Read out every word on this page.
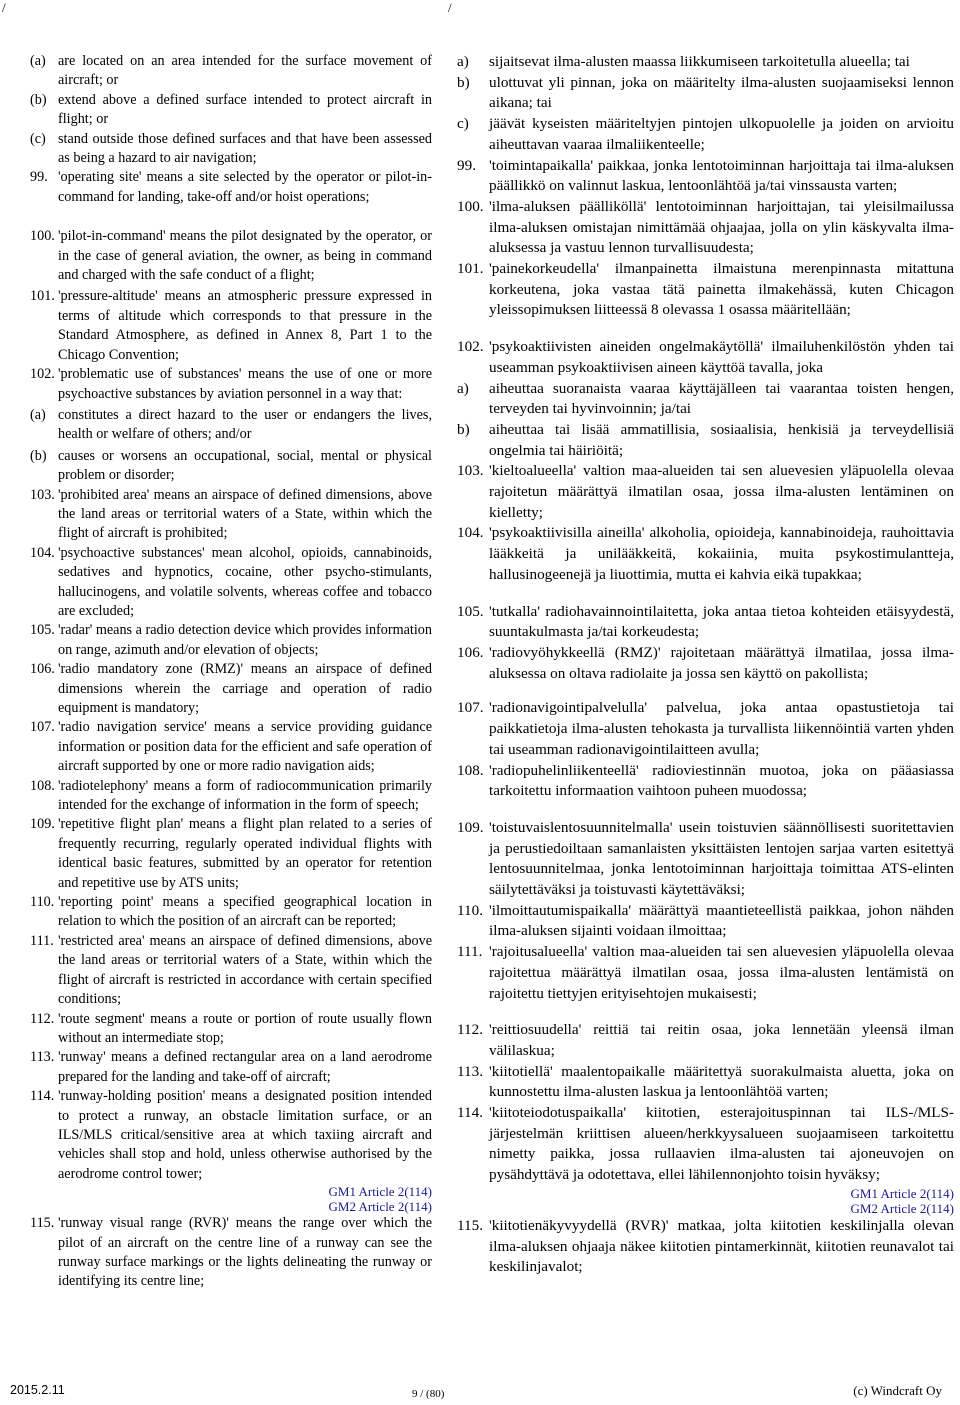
/	/
(a) are located on an area intended for the surface movement of aircraft; or
(b) extend above a defined surface intended to protect aircraft in flight; or
(c) stand outside those defined surfaces and that have been assessed as being a hazard to air navigation;
99. 'operating site' means a site selected by the operator or pilot-in-command for landing, take-off and/or hoist operations;
100. 'pilot-in-command' means the pilot designated by the operator, or in the case of general aviation, the owner, as being in command and charged with the safe conduct of a flight;
101. 'pressure-altitude' means an atmospheric pressure expressed in terms of altitude which corresponds to that pressure in the Standard Atmosphere, as defined in Annex 8, Part 1 to the Chicago Convention;
102. 'problematic use of substances' means the use of one or more psychoactive substances by aviation personnel in a way that:
(a) constitutes a direct hazard to the user or endangers the lives, health or welfare of others; and/or
(b) causes or worsens an occupational, social, mental or physical problem or disorder;
103. 'prohibited area' means an airspace of defined dimensions, above the land areas or territorial waters of a State, within which the flight of aircraft is prohibited;
104. 'psychoactive substances' mean alcohol, opioids, cannabinoids, sedatives and hypnotics, cocaine, other psycho-stimulants, hallucinogens, and volatile solvents, whereas coffee and tobacco are excluded;
105. 'radar' means a radio detection device which provides information on range, azimuth and/or elevation of objects;
106. 'radio mandatory zone (RMZ)' means an airspace of defined dimensions wherein the carriage and operation of radio equipment is mandatory;
107. 'radio navigation service' means a service providing guidance information or position data for the efficient and safe operation of aircraft supported by one or more radio navigation aids;
108. 'radiotelephony' means a form of radiocommunication primarily intended for the exchange of information in the form of speech;
109. 'repetitive flight plan' means a flight plan related to a series of frequently recurring, regularly operated individual flights with identical basic features, submitted by an operator for retention and repetitive use by ATS units;
110. 'reporting point' means a specified geographical location in relation to which the position of an aircraft can be reported;
111. 'restricted area' means an airspace of defined dimensions, above the land areas or territorial waters of a State, within which the flight of aircraft is restricted in accordance with certain specified conditions;
112. 'route segment' means a route or portion of route usually flown without an intermediate stop;
113. 'runway' means a defined rectangular area on a land aerodrome prepared for the landing and take-off of aircraft;
114. 'runway-holding position' means a designated position intended to protect a runway, an obstacle limitation surface, or an ILS/MLS critical/sensitive area at which taxiing aircraft and vehicles shall stop and hold, unless otherwise authorised by the aerodrome control tower;
GM1 Article 2(114)
GM2 Article 2(114)
115. 'runway visual range (RVR)' means the range over which the pilot of an aircraft on the centre line of a runway can see the runway surface markings or the lights delineating the runway or identifying its centre line;
a)	sijaitsevat ilma-alusten maassa liikkumiseen tarkoitetulla alueella; tai
b)	ulottuvat yli pinnan, joka on määritelty ilma-alusten suojaamiseksi lennon aikana; tai
c)	jäävät kyseisten määriteltyjen pintojen ulkopuolelle ja joiden on arvioitu aiheuttavan vaaraa ilmaliikenteelle;
99. 'toimintapaikalla' paikkaa, jonka lentotoiminnan harjoittaja tai ilma-aluksen päällikkö on valinnut laskua, lentoonlähtöä ja/tai vinssausta varten;
100. 'ilma-aluksen päälliköllä' lentotoiminnan harjoittajan, tai yleisilmailussa ilma-aluksen omistajan nimittämää ohjaajaa, jolla on ylin käskyvalta ilma-aluksessa ja vastuu lennon turvallisuudesta;
101. 'painekorkeudella' ilmanpainetta ilmaistuna merenpinnasta mitattuna korkeutena, joka vastaa tätä painetta ilmakehässä, kuten Chicagon yleissopimuksen liitteessä 8 olevassa 1 osassa määritellään;
102. 'psykoaktiivisten aineiden ongelmakäytöllä' ilmailuhenkilöstön yhden tai useamman psykoaktiivisen aineen käyttöä tavalla, joka
a)	aiheuttaa suoranaista vaaraa käyttäjälleen tai vaarantaa toisten hengen, terveyden tai hyvinvoinnin; ja/tai
b)	aiheuttaa tai lisää ammatillisia, sosiaalisia, henkisiä ja terveydellisiä ongelmia tai häiriöitä;
103. 'kieltoalueella' valtion maa-alueiden tai sen aluevesien yläpuolella olevaa rajoitetun määrättyä ilmatilan osaa, jossa ilma-alusten lentäminen on kielletty;
104. 'psykoaktiivisilla aineilla' alkoholia, opioideja, kannabinoideja, rauhoittavia lääkkeitä ja unilääkkeitä, kokaiinia, muita psykostimulantteja, hallusinogeenejä ja liuottimia, mutta ei kahvia eikä tupakkaa;
105. 'tutkalla' radiohavainnointilaitetta, joka antaa tietoa kohteiden etäisyydestä, suuntakulmasta ja/tai korkeudesta;
106. 'radiovyöhykkeellä (RMZ)' rajoitetaan määrättyä ilmatilaa, jossa ilma-aluksessa on oltava radiolaite ja jossa sen käyttö on pakollista;
107. 'radionavigointipalvelulla' palvelua, joka antaa opastustietoja tai paikkatietoja ilma-alusten tehokasta ja turvallista liikennöintiä varten yhden tai useamman radionavigointilaitteen avulla;
108. 'radiopuhelinliikenteellä' radioviestinnän muotoa, joka on pääasiassa tarkoitettu informaation vaihtoon puheen muodossa;
109. 'toistuvaislentosuunnitelmalla' usein toistuvien säännöllisesti suoritettavien ja perustiedoiltaan samanlaisten yksittäisten lentojen sarjaa varten esitettyä lentosuunnitelmaa, jonka lentotoiminnan harjoittaja toimittaa ATS-elinten säilytettäväksi ja toistuvasti käytettäväksi;
110. 'ilmoittautumispaikalla' määrättyä maantieteellistä paikkaa, johon nähden ilma-aluksen sijainti voidaan ilmoittaa;
111. 'rajoitusalueella' valtion maa-alueiden tai sen aluevesien yläpuolella olevaa rajoitettua määrättyä ilmatilan osaa, jossa ilma-alusten lentämistä on rajoitettu tiettyjen erityisehtojen mukaisesti;
112. 'reittiosuudella' reittiä tai reitin osaa, joka lennetään yleensä ilman välilaskua;
113. 'kiitotiellä' maalentopaikalle määritettyä suorakulmaista aluetta, joka on kunnostettu ilma-alusten laskua ja lentoonlähtöä varten;
114. 'kiitoteiodotuspaikalla' kiitotien, esterajoituspinnan tai ILS-/MLS-järjestelmän kriittisen alueen/herkkyysalueen suojaamiseen tarkoitettu nimetty paikka, jossa rullaavien ilma-alusten tai ajoneuvojen on pysähdyttävä ja odotettava, ellei lähilennonjohto toisin hyväksy;
GM1 Article 2(114)
GM2 Article 2(114)
115. 'kiitotienäkyvyydellä (RVR)' matkaa, jolta kiitotien keskilinjalla olevan ilma-aluksen ohjaaja näkee kiitotien pintamerkinnät, kiitotien reunavalot tai keskilinjavalot;
2015.2.11	9 / (80)	(c) Windcraft Oy
